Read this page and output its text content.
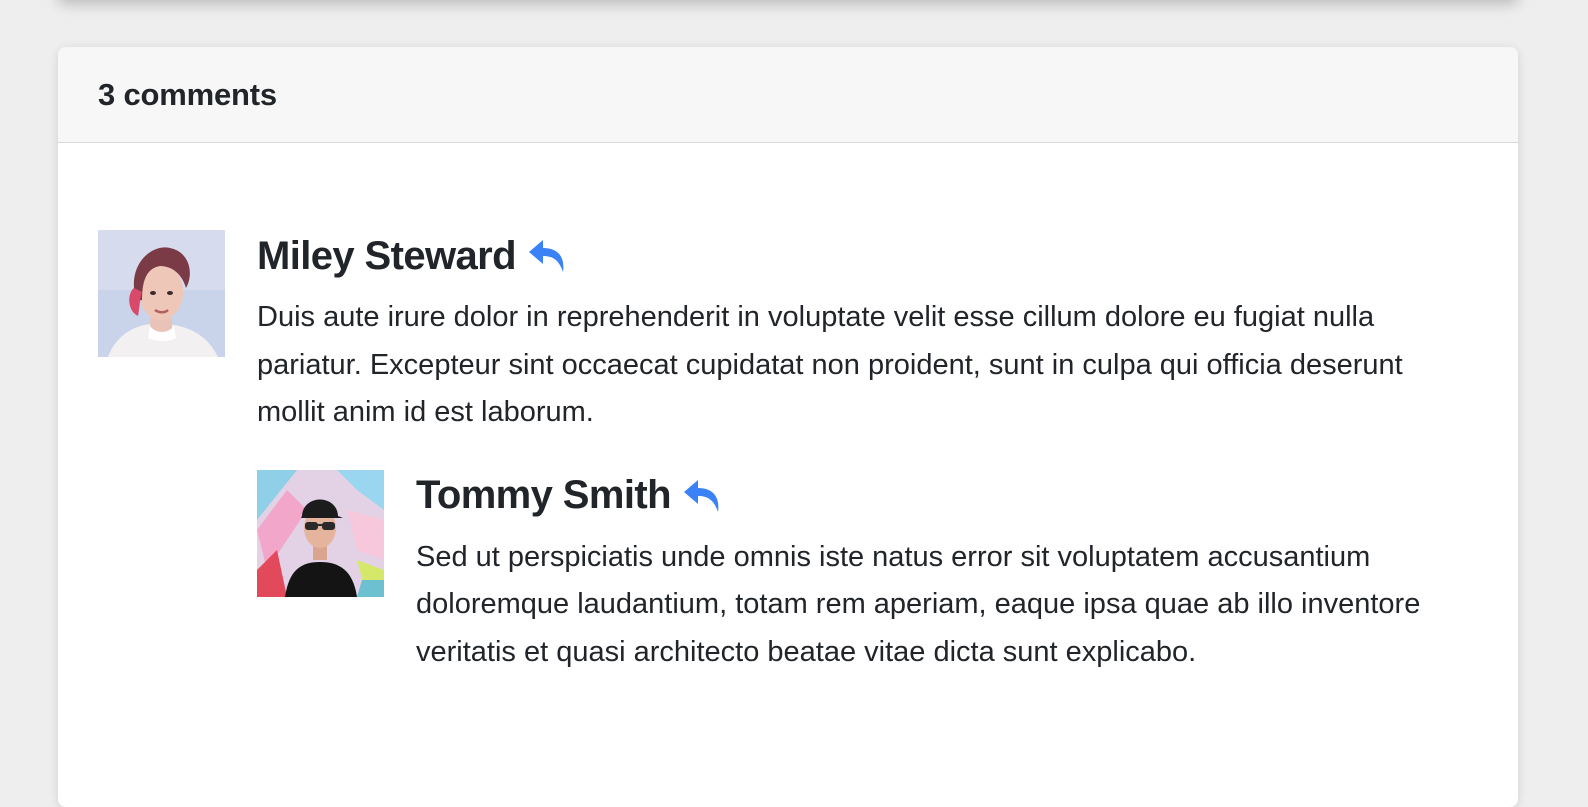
3 comments
Miley Steward

Duis aute irure dolor in reprehenderit in voluptate velit esse cillum dolore eu fugiat nulla pariatur. Excepteur sint occaecat cupidatat non proident, sunt in culpa qui officia deserunt mollit anim id est laborum.

Tommy Smith

Sed ut perspiciatis unde omnis iste natus error sit voluptatem accusantium doloremque laudantium, totam rem aperiam, eaque ipsa quae ab illo inventore veritatis et quasi architecto beatae vitae dicta sunt explicabo.
